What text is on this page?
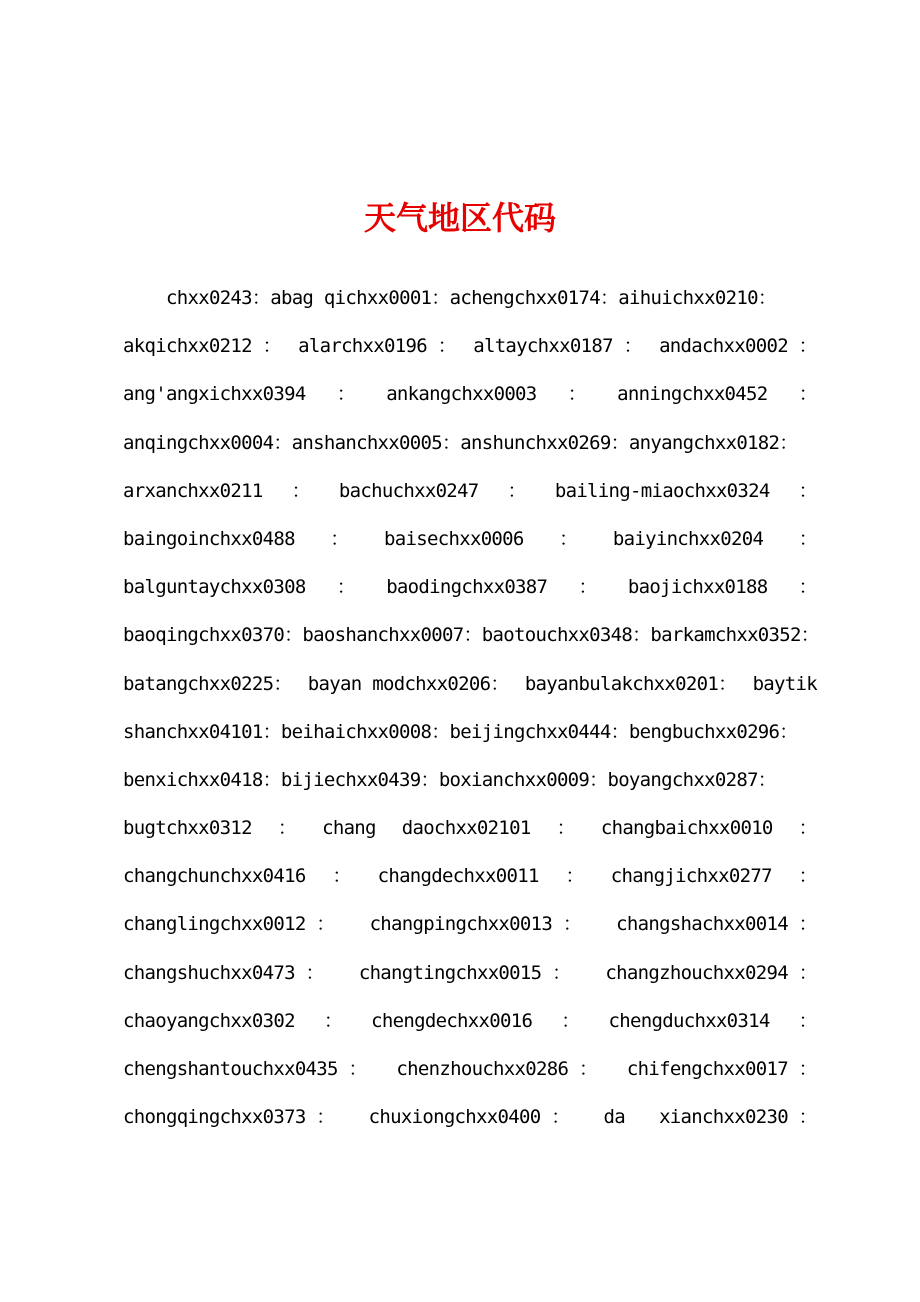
天气地区代码
chxx0243：abag qichxx0001：achengchxx0174：aihuichxx0210：
akqichxx0212 ： alarchxx0196 ： altaychxx0187 ： andachxx0002 ：
ang'angxichxx0394 ： ankangchxx0003 ： anningchxx0452 ：
anqingchxx0004：anshanchxx0005：anshunchxx0269：anyangchxx0182：
arxanchxx0211 ： bachuchxx0247 ： bailing-miaochxx0324 ：
baingoinchxx0488 ： baisechxx0006 ： baiyinchxx0204 ：
balguntaychxx0308 ： baodingchxx0387 ： baojichxx0188 ：
baoqingchxx0370：baoshanchxx0007：baotouchxx0348：barkamchxx0352：
batangchxx0225： bayan modchxx0206： bayanbulakchxx0201： baytik
shanchxx04101：beihaichxx0008：beijingchxx0444：bengbuchxx0296：
benxichxx0418：bijiechxx0439：boxianchxx0009：boyangchxx0287：
bugtchxx0312 ： chang daochxx02101 ： changbaichxx0010 ：
changchunchxx0416 ： changdechxx0011 ： changjichxx0277 ：
changlingchxx0012 ： changpingchxx0013 ： changshachxx0014 ：
changshuchxx0473 ： changtingchxx0015 ： changzhouchxx0294 ：
chaoyangchxx0302 ： chengdechxx0016 ： chengduchxx0314 ：
chengshantouchxx0435 ： chenzhouchxx0286 ： chifengchxx0017 ：
chongqingchxx0373 ： chuxiongchxx0400 ： da xianchxx0230 ：
